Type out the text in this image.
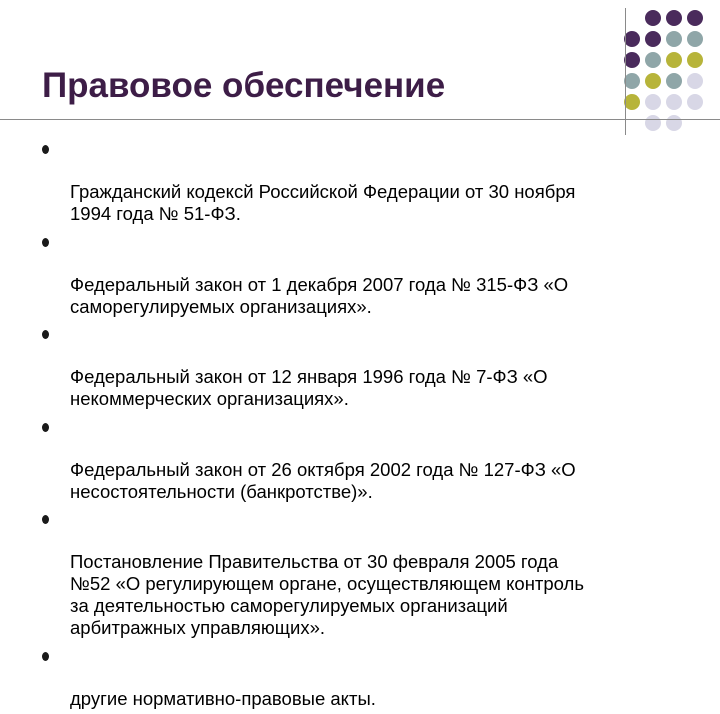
Правовое обеспечение

Гражданский кодексй Российской Федерации от 30 ноября
1994 года № 51-ФЗ.

Федеральный закон от 1 декабря 2007 года № 315-ФЗ «О
саморегулируемых организациях».

Федеральный закон от 12 января 1996 года № 7-ФЗ «О
некоммерческих организациях».

Федеральный закон от 26 октября 2002 года № 127-ФЗ «О
несостоятельности (банкротстве)».

Постановление Правительства от 30 февраля 2005 года
№52 «О регулирующем органе, осуществляющем контроль
за деятельностью саморегулируемых организаций
арбитражных управляющих».

другие нормативно-правовые акты.
